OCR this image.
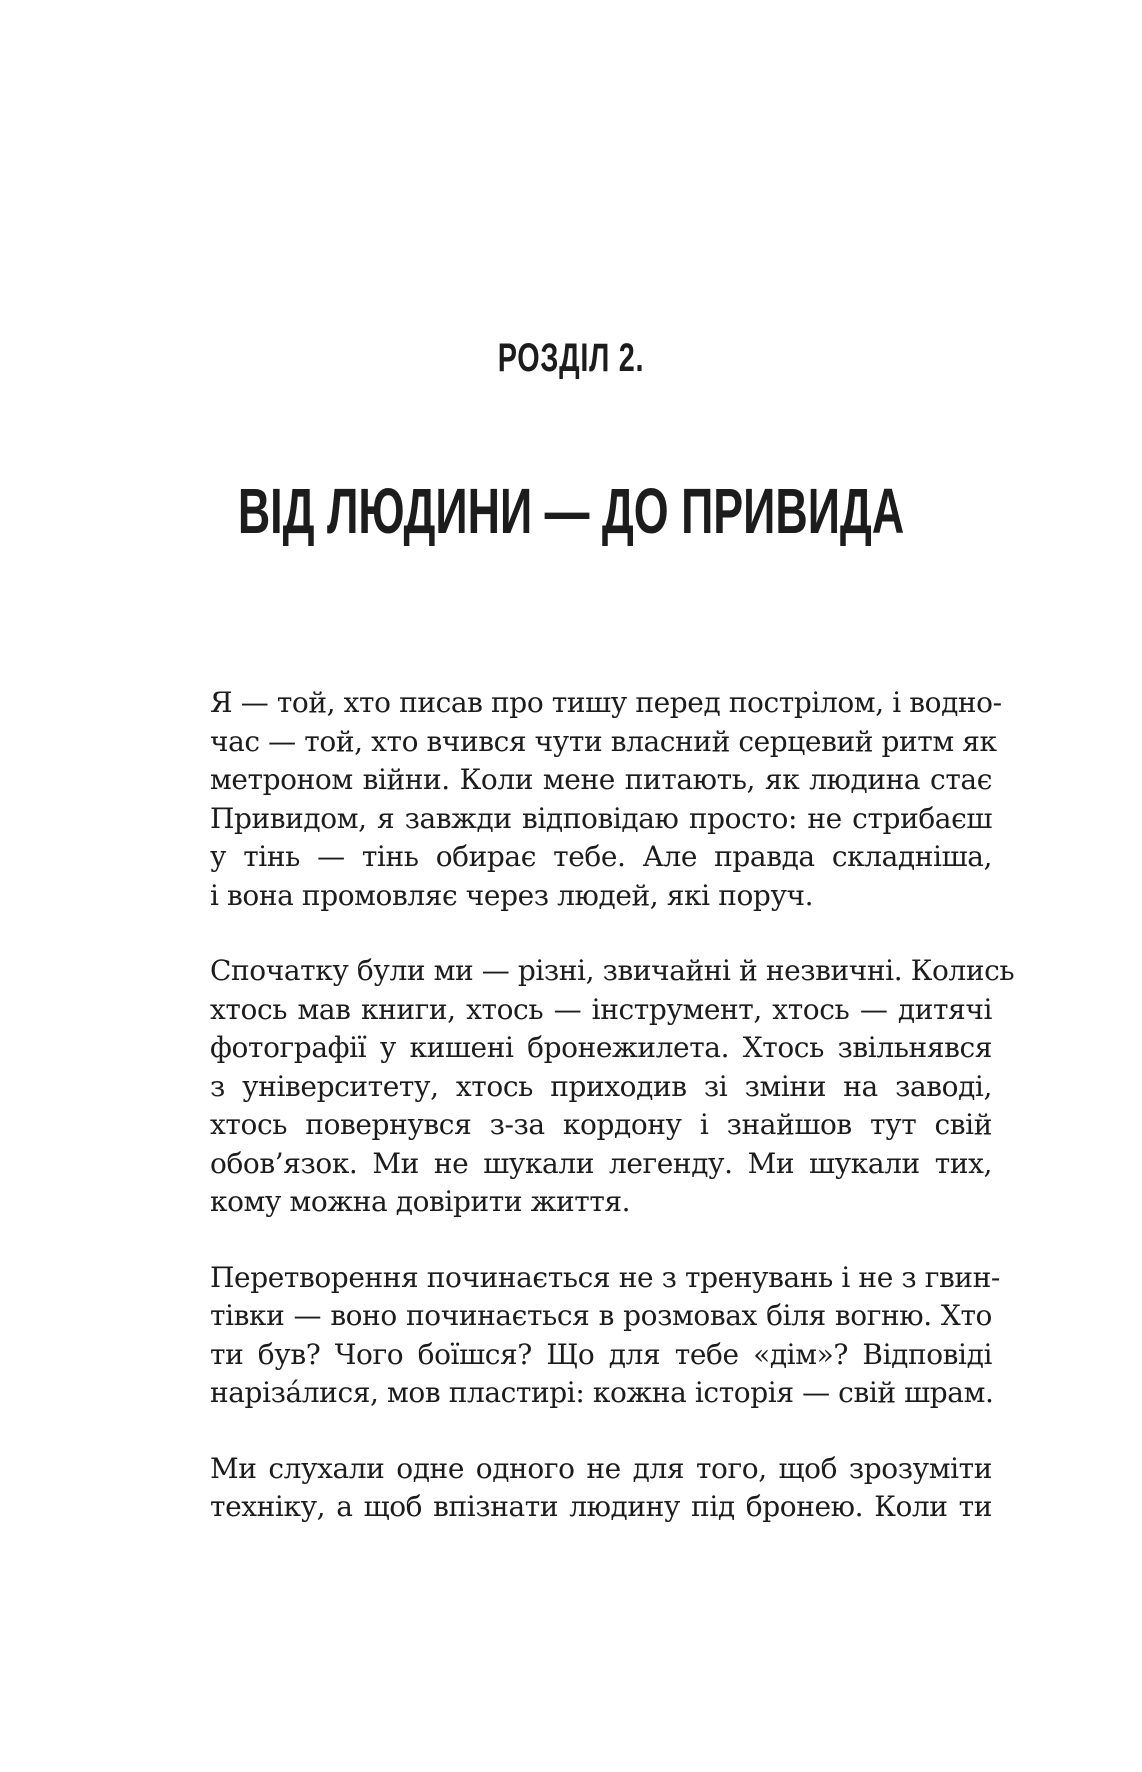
РОЗДІЛ 2.
ВІД ЛЮДИНИ — ДО ПРИВИДА

Я — той, хто писав про тишу перед пострілом, і водно-
час — той, хто вчився чути власний серцевий ритм як
метроном війни. Коли мене питають, як людина стає
Привидом, я завжди відповідаю просто: не стрибаєш
у тінь — тінь обирає тебе. Але правда складніша,
і вона промовляє через людей, які поруч.

Спочатку були ми — різні, звичайні й незвичні. Колись
хтось мав книги, хтось — інструмент, хтось — дитячі
фотографії у кишені бронежилета. Хтось звільнявся
з університету, хтось приходив зі зміни на заводі,
хтось повернувся з-за кордону і знайшов тут свій
обов’язок. Ми не шукали легенду. Ми шукали тих,
кому можна довірити життя.

Перетворення починається не з тренувань і не з гвин-
тівки — воно починається в розмовах біля вогню. Хто
ти був? Чого боїшся? Що для тебе «дім»? Відповіді
нарізáлися, мов пластирі: кожна історія — свій шрам.

Ми слухали одне одного не для того, щоб зрозуміти
техніку, а щоб впізнати людину під бронею. Коли ти
